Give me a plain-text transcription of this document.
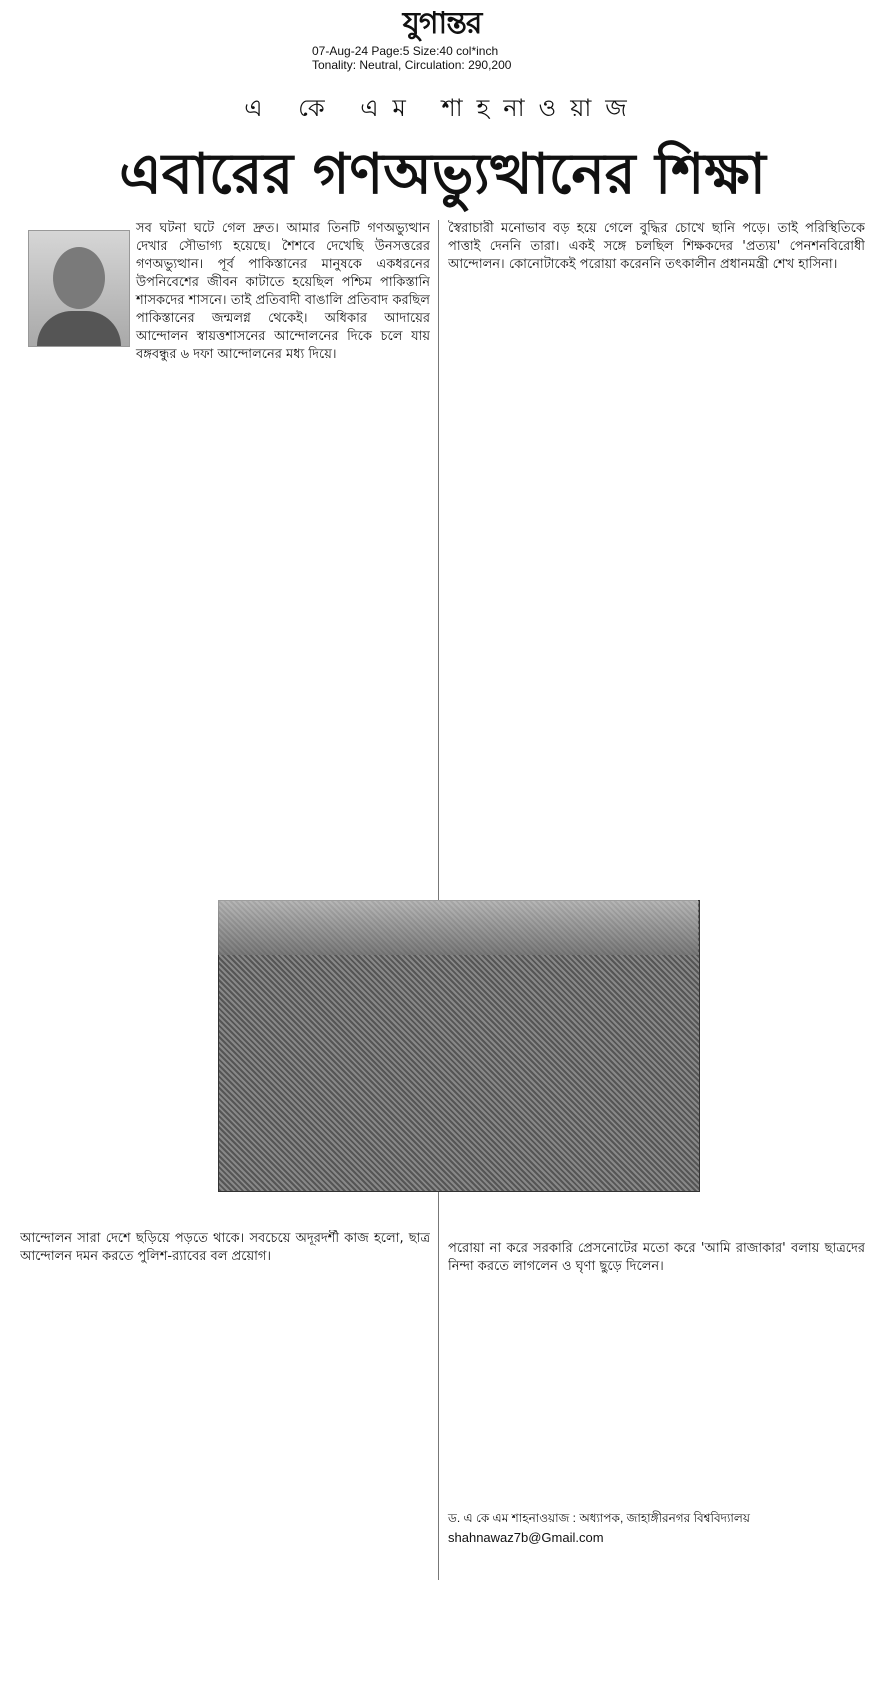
যুগান্তর
07-Aug-24 Page:5 Size:40 col*inch
Tonality: Neutral, Circulation: 290,200
এ কে এম শাহনাওয়াজ
এবারের গণঅভ্যুত্থানের শিক্ষা

সব ঘটনা ঘটে গেল দ্রুত। আমার তিনটি গণঅভ্যুত্থান দেখার সৌভাগ্য হয়েছে। শৈশবে দেখেছি উনসত্তরের গণঅভ্যুত্থান। পূর্ব পাকিস্তানের মানুষকে একধরনের উপনিবেশের জীবন কাটাতে হয়েছিল পশ্চিম পাকিস্তানি শাসকদের শাসনে। তাই প্রতিবাদী বাঙালি প্রতিবাদ করছিল পাকিস্তানের জন্মলগ্ন থেকেই। অধিকার আদায়ের আন্দোলন স্বায়ত্তশাসনের আন্দোলনের দিকে চলে যায় বঙ্গবন্ধুর ৬ দফা আন্দোলনের মধ্য দিয়ে।

স্বৈরাচারী মনোভাব বড় হয়ে গেলে বুদ্ধির চোখে ছানি পড়ে। তাই পরিস্থিতিকে পাত্তাই দেননি তারা। একই সঙ্গে চলছিল শিক্ষকদের 'প্রত্যয়' পেনশনবিরোধী আন্দোলন। কোনোটাকেই পরোয়া করেননি তৎকালীন প্রধানমন্ত্রী শেখ হাসিনা।

আন্দোলন সারা দেশে ছড়িয়ে পড়তে থাকে। সবচেয়ে অদূরদর্শী কাজ হলো, ছাত্র আন্দোলন দমন করতে পুলিশ-র‍্যাবের বল প্রয়োগ।

পরোয়া না করে সরকারি প্রেসনোটের মতো করে 'আমি রাজাকার' বলায় ছাত্রদের নিন্দা করতে লাগলেন ও ঘৃণা ছুড়ে দিলেন।

ড. এ কে এম শাহনাওয়াজ : অধ্যাপক, জাহাঙ্গীরনগর বিশ্ববিদ্যালয়
shahnawaz7b@Gmail.com
